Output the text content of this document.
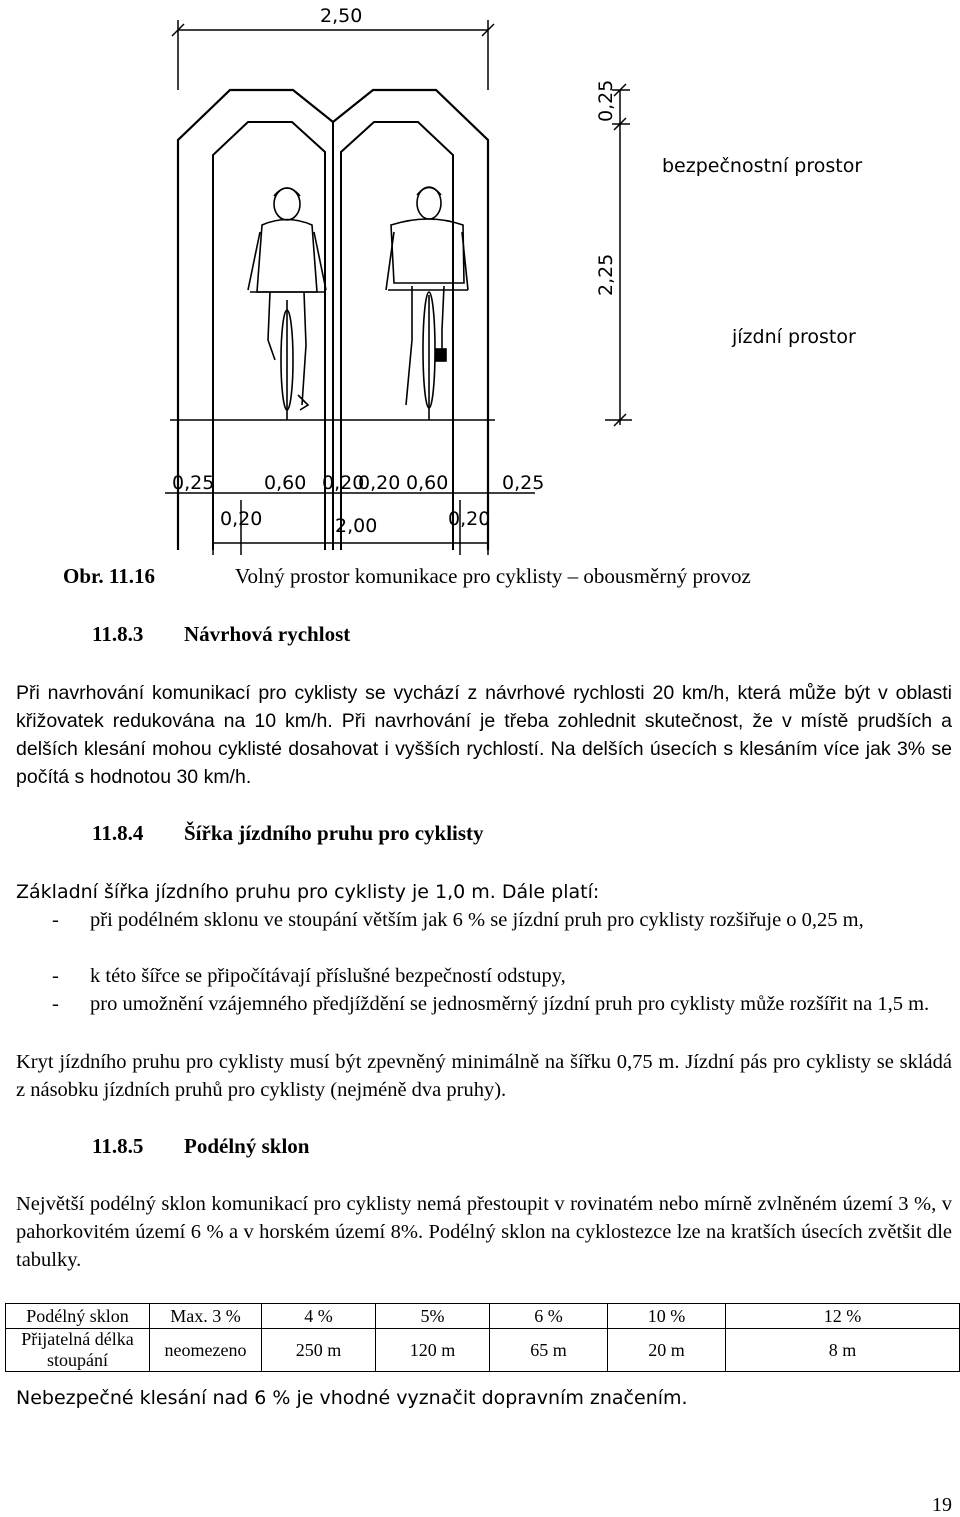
2,50
0,25
2,25
bezpečnostní prostor
jízdní prostor
0,25	0,60 0,20
0,20 0,60	0,25
0,20	2,00	0,20
Obr. 11.16	Volný prostor komunikace pro cyklisty – obousměrný provoz
11.8.3 Návrhová rychlost

Při navrhování komunikací pro cyklisty se vychází z návrhové rychlosti 20 km/h, která může být v oblasti křižovatek redukována na 10 km/h. Při navrhování je třeba zohlednit skutečnost, že v místě prudších a delších klesání mohou cyklisté dosahovat i vyšších rychlostí. Na delších úsecích s klesáním více jak 3% se počítá s hodnotou 30 km/h.

11.8.4 Šířka jízdního pruhu pro cyklisty

Základní šířka jízdního pruhu pro cyklisty je 1,0 m. Dále platí:

- při podélném sklonu ve stoupání větším jak 6 % se jízdní pruh pro cyklisty rozšiřuje o 0,25 m,
- k této šířce se připočítávají příslušné bezpečností odstupy,
- pro umožnění vzájemného předjíždění se jednosměrný jízdní pruh pro cyklisty může rozšířit na 1,5 m.

Kryt jízdního pruhu pro cyklisty musí být zpevněný minimálně na šířku 0,75 m. Jízdní pás pro cyklisty se skládá z násobku jízdních pruhů pro cyklisty (nejméně dva pruhy).

11.8.5 Podélný sklon

Největší podélný sklon komunikací pro cyklisty nemá přestoupit v rovinatém nebo mírně zvlněném území 3 %, v pahorkovitém území 6 % a v horském území 8%. Podélný sklon na cyklostezce lze na kratších úsecích zvětšit dle tabulky.

Podélný sklon	Max. 3 %	4 %	5%	6 %	10 %	12 %
Přijatelná délka stoupání	neomezeno	250 m	120 m	65 m	20 m	8 m

Nebezpečné klesání nad 6 % je vhodné vyznačit dopravním značením.

19
